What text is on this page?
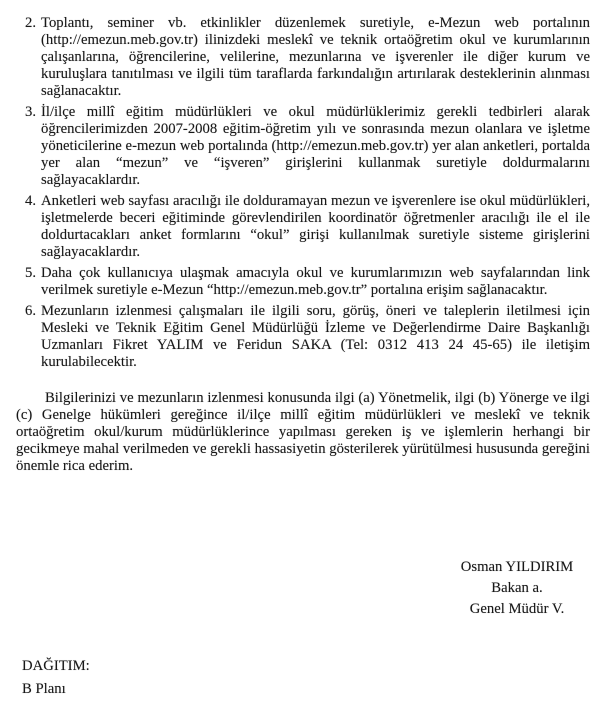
2. Toplantı, seminer vb. etkinlikler düzenlemek suretiyle, e-Mezun web portalının (http://emezun.meb.gov.tr) ilinizdeki meslekî ve teknik ortaöğretim okul ve kurumlarının çalışanlarına, öğrencilerine, velilerine, mezunlarına ve işverenler ile diğer kurum ve kuruluşlara tanıtılması ve ilgili tüm taraflarda farkındalığın artırılarak desteklerinin alınması sağlanacaktır.
3. İl/ilçe millî eğitim müdürlükleri ve okul müdürlüklerimiz gerekli tedbirleri alarak öğrencilerimizden 2007-2008 eğitim-öğretim yılı ve sonrasında mezun olanlara ve işletme yöneticilerine e-mezun web portalında (http://emezun.meb.gov.tr) yer alan anketleri, portalda yer alan “mezun” ve “işveren” girişlerini kullanmak suretiyle doldurmalarını sağlayacaklardır.
4. Anketleri web sayfası aracılığı ile dolduramayan mezun ve işverenlere ise okul müdürlükleri, işletmelerde beceri eğitiminde görevlendirilen koordinatör öğretmenler aracılığı ile el ile doldurtacakları anket formlarını “okul” girişi kullanılmak suretiyle sisteme girişlerini sağlayacaklardır.
5. Daha çok kullanıcıya ulaşmak amacıyla okul ve kurumlarımızın web sayfalarından link verilmek suretiyle e-Mezun “http://emezun.meb.gov.tr” portalına erişim sağlanacaktır.
6. Mezunların izlenmesi çalışmaları ile ilgili soru, görüş, öneri ve taleplerin iletilmesi için Mesleki ve Teknik Eğitim Genel Müdürlüğü İzleme ve Değerlendirme Daire Başkanlığı Uzmanları Fikret YALIM ve Feridun SAKA (Tel: 0312 413 24 45-65) ile iletişim kurulabilecektir.

Bilgilerinizi ve mezunların izlenmesi konusunda ilgi (a) Yönetmelik, ilgi (b) Yönerge ve ilgi (c) Genelge hükümleri gereğince il/ilçe millî eğitim müdürlükleri ve meslekî ve teknik ortaöğretim okul/kurum müdürlüklerince yapılması gereken iş ve işlemlerin herhangi bir gecikmeye mahal verilmeden ve gerekli hassasiyetin gösterilerek yürütülmesi hususunda gereğini önemle rica ederim.

Osman YILDIRIM
Bakan a.
Genel Müdür V.
DAĞITIM:
B Planı
